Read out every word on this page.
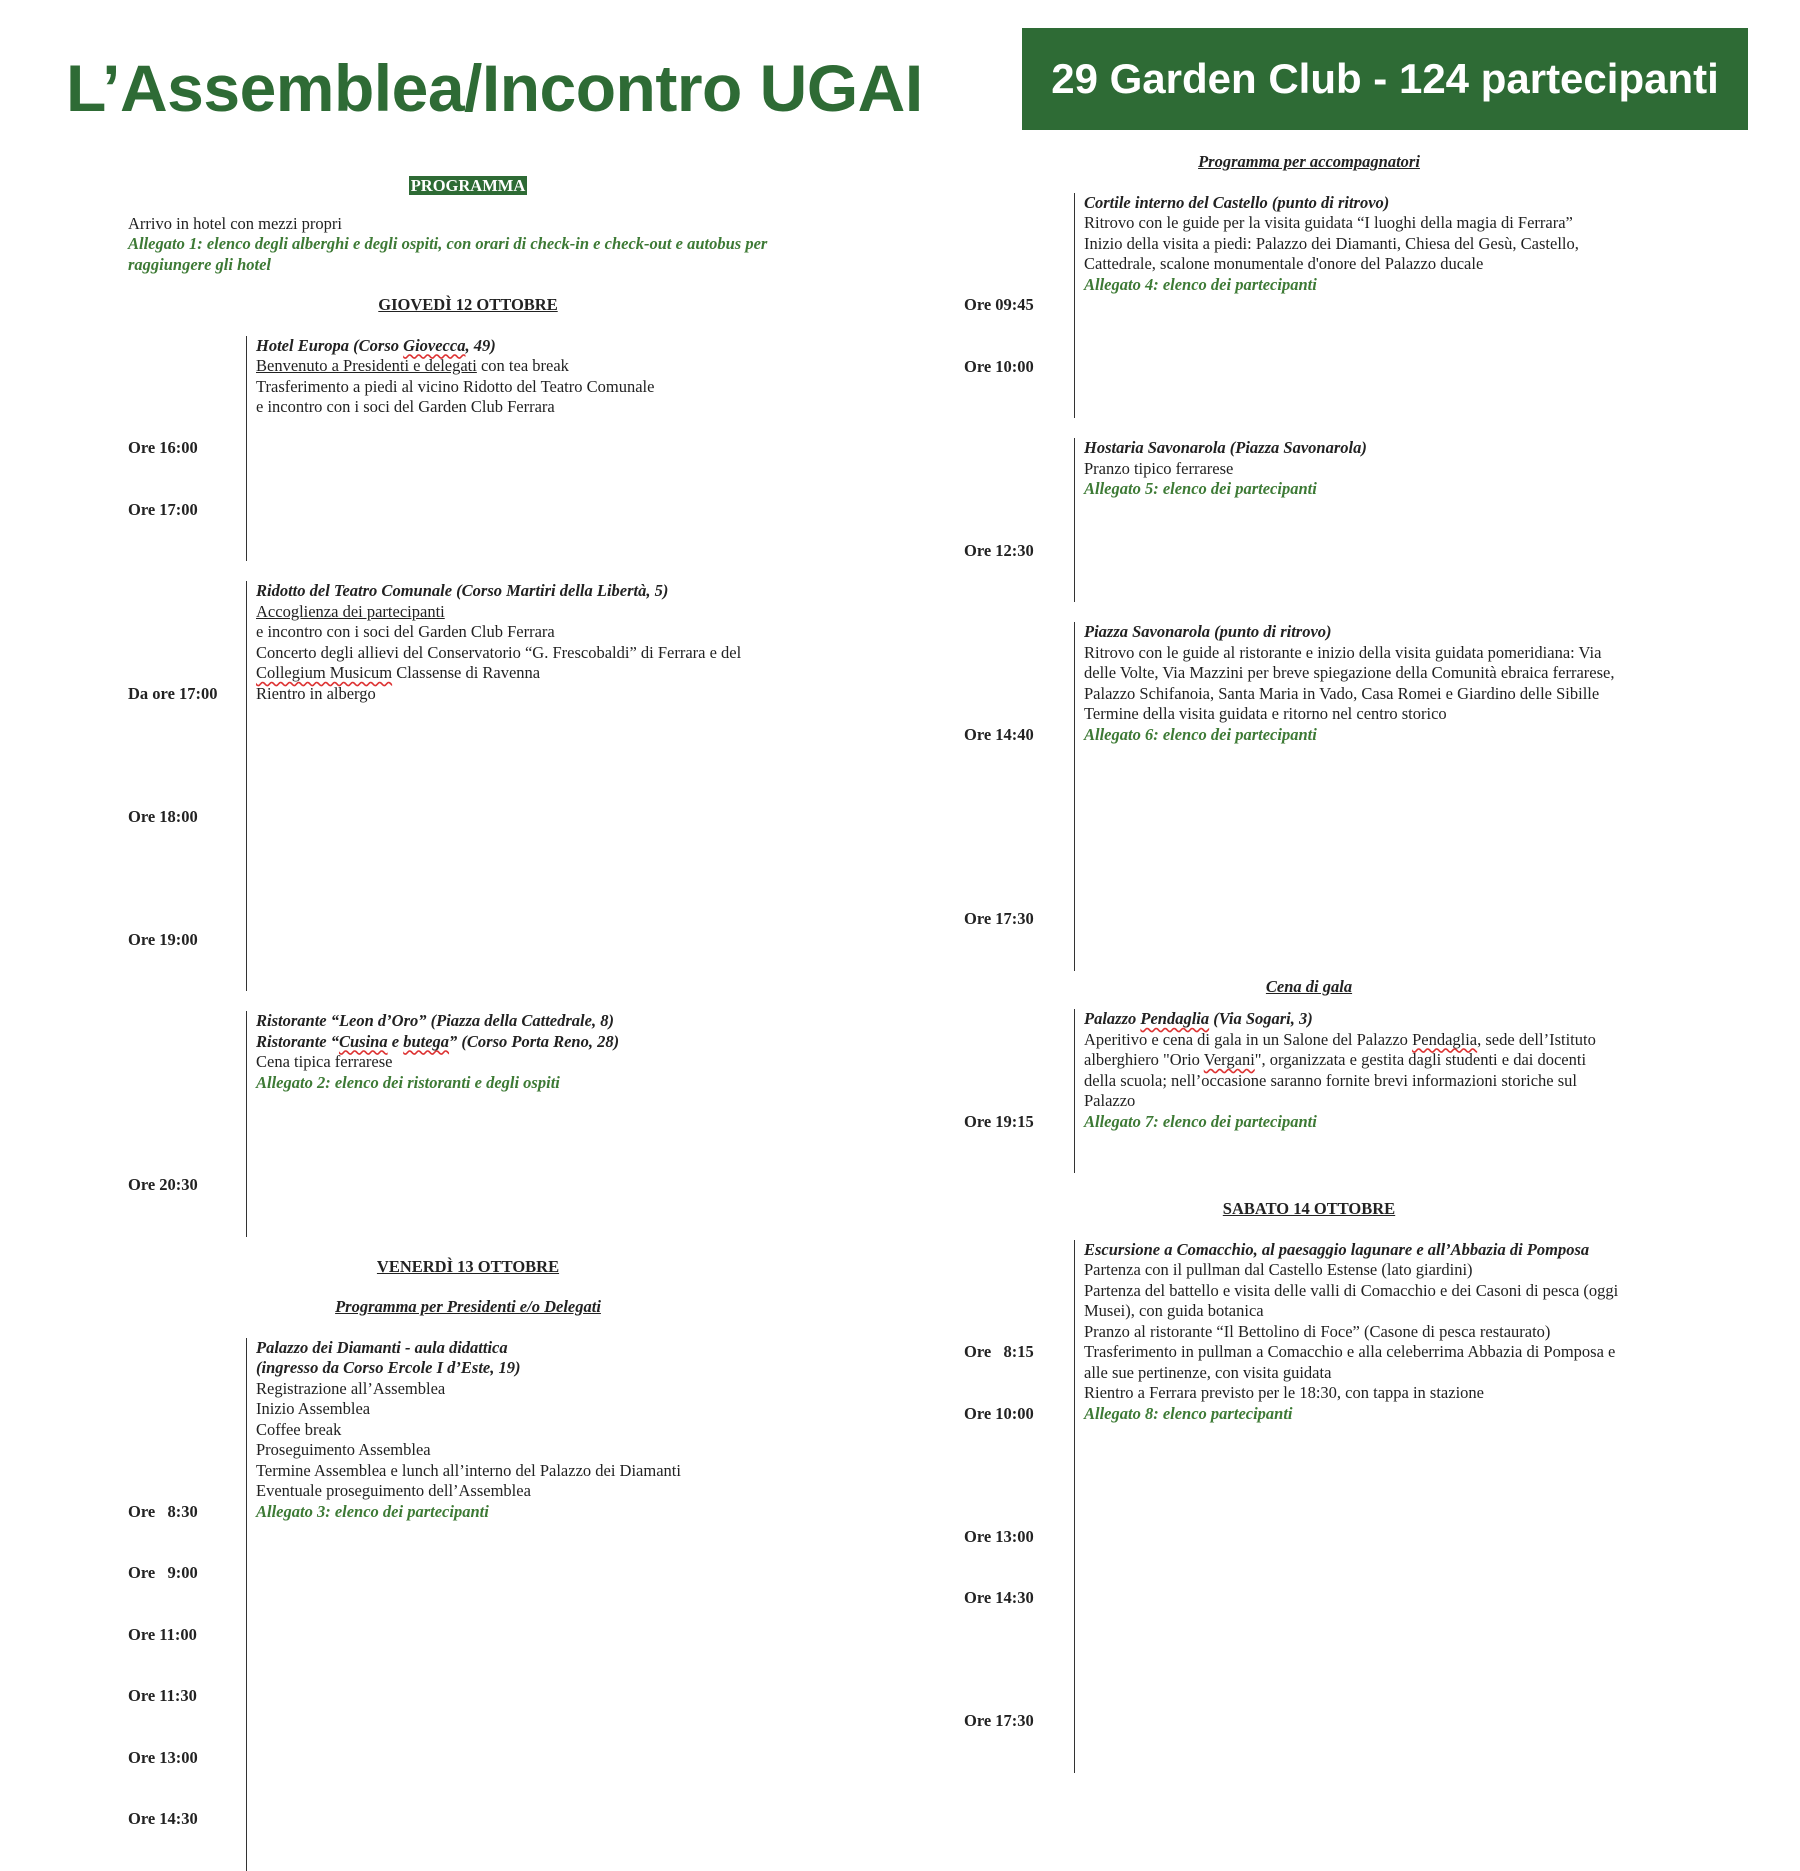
L’Assemblea/Incontro UGAI	29 Garden Club - 124 partecipanti
PROGRAMMA
Arrivo in hotel con mezzi propri
Allegato 1: elenco degli alberghi e degli ospiti, con orari di check-in e check-out e autobus per
raggiungere gli hotel
GIOVEDÌ 12 OTTOBRE

Ore 16:00

Ore 17:00

Hotel Europa (Corso Giovecca, 49)
Benvenuto a Presidenti e delegati con tea break
Trasferimento a piedi al vicino Ridotto del Teatro Comunale
e incontro con i soci del Garden Club Ferrara

Da ore 17:00

Ore 18:00

Ore 19:00

Ridotto del Teatro Comunale (Corso Martiri della Libertà, 5)
Accoglienza dei partecipanti
e incontro con i soci del Garden Club Ferrara
Concerto degli allievi del Conservatorio “G. Frescobaldi” di Ferrara e del
Collegium Musicum Classense di Ravenna
Rientro in albergo

Ore 20:30

Ristorante “Leon d’Oro” (Piazza della Cattedrale, 8)
Ristorante “Cusina e butega” (Corso Porta Reno, 28)
Cena tipica ferrarese
Allegato 2: elenco dei ristoranti e degli ospiti
VENERDÌ 13 OTTOBRE
Programma per Presidenti e/o Delegati

Ore   8:30

Ore   9:00

Ore 11:00

Ore 11:30

Ore 13:00

Ore 14:30

Palazzo dei Diamanti - aula didattica
(ingresso da Corso Ercole I d’Este, 19)
Registrazione all’Assemblea
Inizio Assemblea
Coffee break
Proseguimento Assemblea
Termine Assemblea e lunch all’interno del Palazzo dei Diamanti
Eventuale proseguimento dell’Assemblea
Allegato 3: elenco dei partecipanti
Programma per accompagnatori

Ore 09:45

Ore 10:00

Cortile interno del Castello (punto di ritrovo)
Ritrovo con le guide per la visita guidata “I luoghi della magia di Ferrara”
Inizio della visita a piedi: Palazzo dei Diamanti, Chiesa del Gesù, Castello,
Cattedrale, scalone monumentale d'onore del Palazzo ducale
Allegato 4: elenco dei partecipanti

Ore 12:30

Hostaria Savonarola (Piazza Savonarola)
Pranzo tipico ferrarese
Allegato 5: elenco dei partecipanti

Ore 14:40

Ore 17:30

Piazza Savonarola (punto di ritrovo)
Ritrovo con le guide al ristorante e inizio della visita guidata pomeridiana: Via
delle Volte, Via Mazzini per breve spiegazione della Comunità ebraica ferrarese,
Palazzo Schifanoia, Santa Maria in Vado, Casa Romei e Giardino delle Sibille
Termine della visita guidata e ritorno nel centro storico
Allegato 6: elenco dei partecipanti
Cena di gala

Ore 19:15

Palazzo Pendaglia (Via Sogari, 3)
Aperitivo e cena di gala in un Salone del Palazzo Pendaglia, sede dell’Istituto
alberghiero "Orio Vergani", organizzata e gestita dagli studenti e dai docenti
della scuola; nell’occasione saranno fornite brevi informazioni storiche sul
Palazzo
Allegato 7: elenco dei partecipanti
SABATO 14 OTTOBRE

Ore   8:15

Ore 10:00

Ore 13:00

Ore 14:30

Ore 17:30

Escursione a Comacchio, al paesaggio lagunare e all’Abbazia di Pomposa
Partenza con il pullman dal Castello Estense (lato giardini)
Partenza del battello e visita delle valli di Comacchio e dei Casoni di pesca (oggi
Musei), con guida botanica
Pranzo al ristorante “Il Bettolino di Foce” (Casone di pesca restaurato)
Trasferimento in pullman a Comacchio e alla celeberrima Abbazia di Pomposa e
alle sue pertinenze, con visita guidata
Rientro a Ferrara previsto per le 18:30, con tappa in stazione
Allegato 8: elenco partecipanti
